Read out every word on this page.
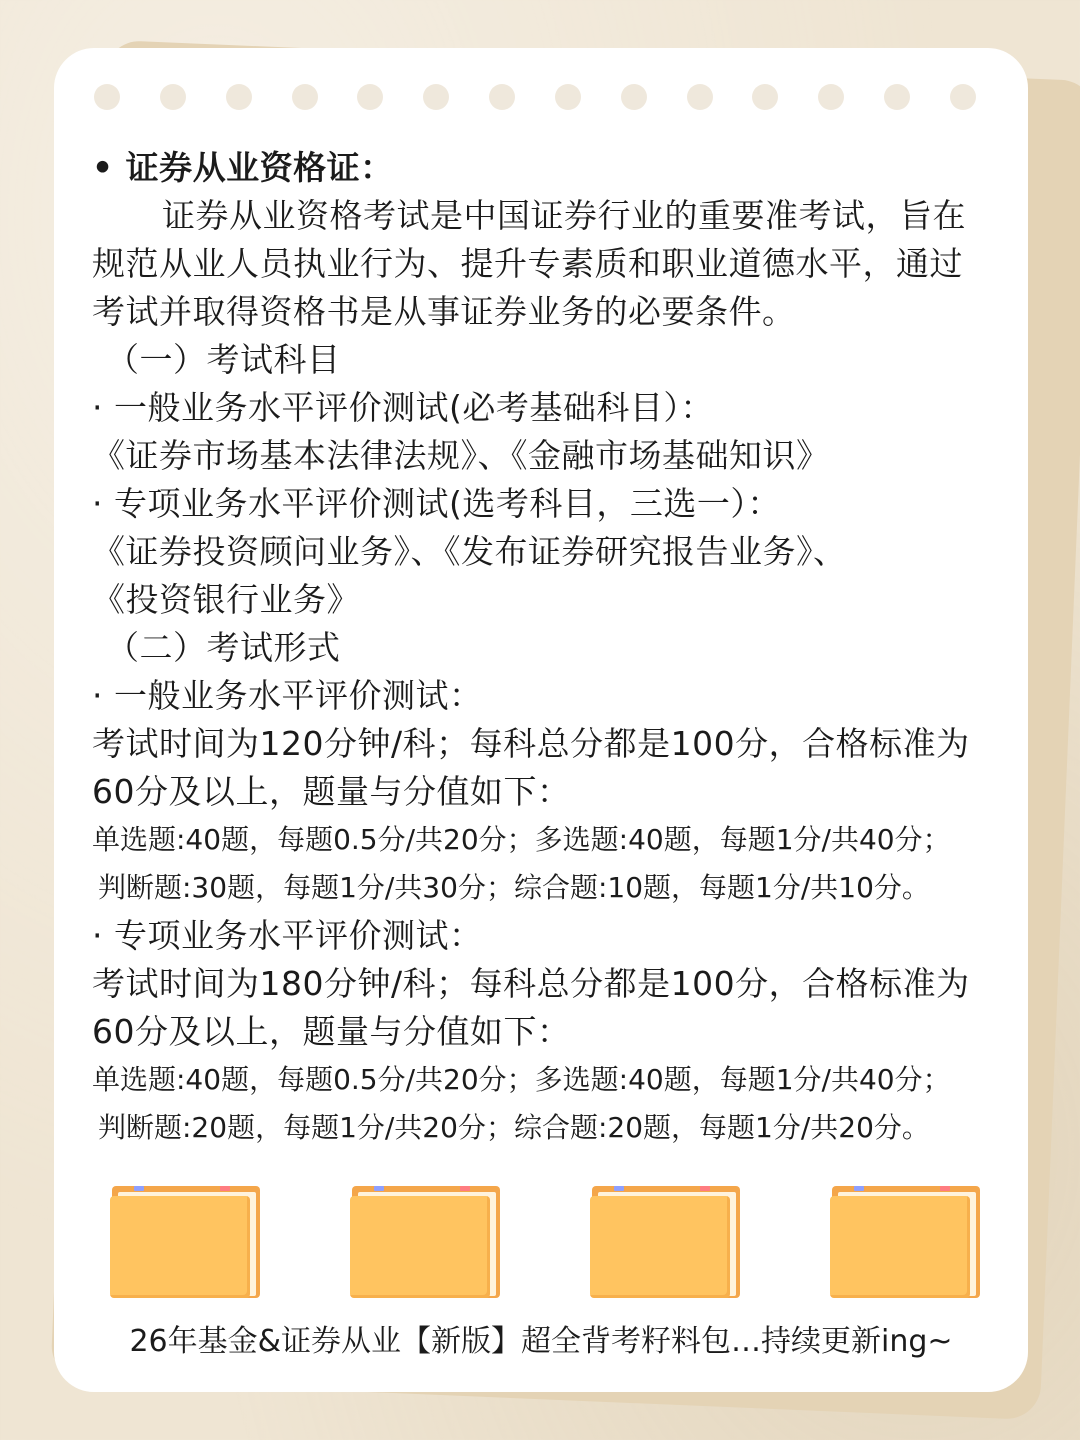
• 证券从业资格证：
证券从业资格考试是中国证券行业的重要准考试，旨在
规范从业人员执业行为、提升专素质和职业道德水平，通过
考试并取得资格书是从事证券业务的必要条件。
（一）考试科目
· 一般业务水平评价测试(必考基础科目）：
《证券市场基本法律法规》、《金融市场基础知识》
· 专项业务水平评价测试(选考科目，三选一）：
《证券投资顾问业务》、《发布证券研究报告业务》、
《投资银行业务》
（二）考试形式
· 一般业务水平评价测试：
考试时间为120分钟/科；每科总分都是100分，合格标准为
60分及以上，题量与分值如下：
单选题:40题，每题0.5分/共20分；多选题:40题，每题1分/共40分；
判断题:30题，每题1分/共30分；综合题:10题，每题1分/共10分。
· 专项业务水平评价测试：
考试时间为180分钟/科；每科总分都是100分，合格标准为
60分及以上，题量与分值如下：
单选题:40题，每题0.5分/共20分；多选题:40题，每题1分/共40分；
判断题:20题，每题1分/共20分；综合题:20题，每题1分/共20分。
26年基金&证券从业【新版】超全背考籽料包…持续更新ing~
